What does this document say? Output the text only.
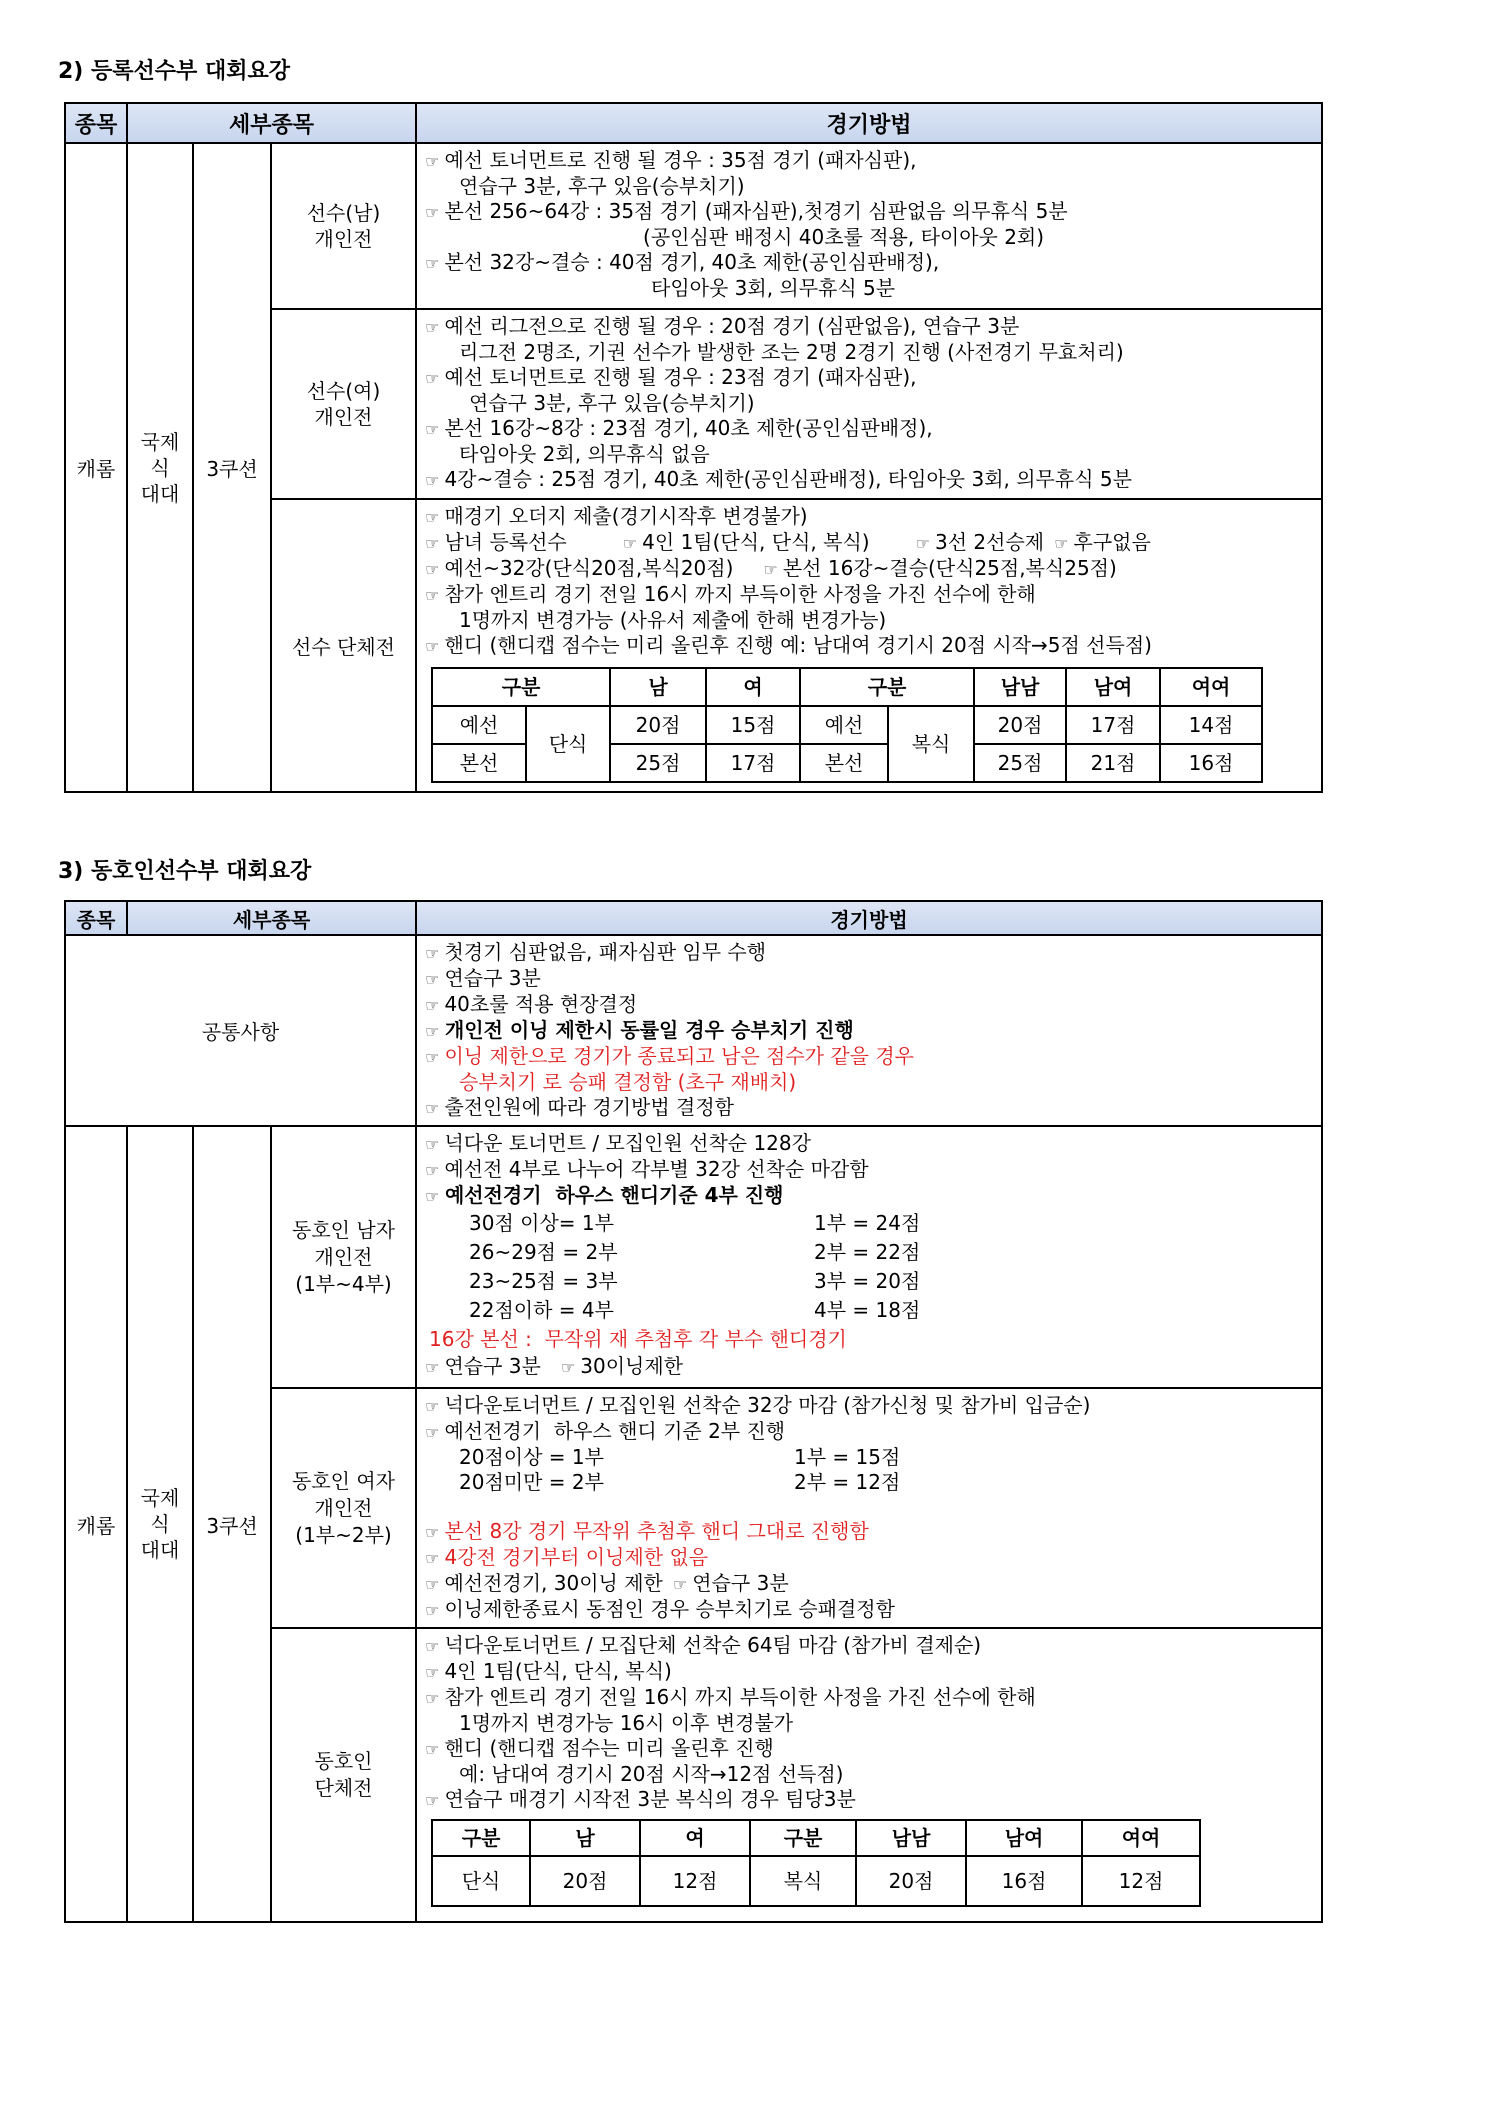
2) 등록선수부 대회요강
종목	세부종목	경기방법
캐롬	국제
식
대대	3쿠션	선수(남)
개인전	
☞ 예선 토너먼트로 진행 될 경우 : 35점 경기 (패자심판),
연습구 3분, 후구 있음(승부치기)
☞ 본선 256~64강 : 35점 경기 (패자심판),첫경기 심판없음 의무휴식 5분
(공인심판 배정시 40초룰 적용, 타이아웃 2회)
☞ 본선 32강~결승 : 40점 경기, 40초 제한(공인심판배정),
타임아웃 3회, 의무휴식 5분

선수(여)
개인전	
☞ 예선 리그전으로 진행 될 경우 : 20점 경기 (심판없음), 연습구 3분
리그전 2명조, 기권 선수가 발생한 조는 2명 2경기 진행 (사전경기 무효처리)
☞ 예선 토너먼트로 진행 될 경우 : 23점 경기 (패자심판),
연습구 3분, 후구 있음(승부치기)
☞ 본선 16강~8강 : 23점 경기, 40초 제한(공인심판배정),
타임아웃 2회, 의무휴식 없음
☞ 4강~결승 : 25점 경기, 40초 제한(공인심판배정), 타임아웃 3회, 의무휴식 5분

선수 단체전	
☞ 매경기 오더지 제출(경기시작후 변경불가)
☞ 남녀 등록선수	☞ 4인 1팀(단식, 단식, 복식)	☞ 3선 2선승제 ☞ 후구없음
☞ 예선~32강(단식20점,복식20점) ☞ 본선 16강~결승(단식25점,복식25점)
☞ 참가 엔트리 경기 전일 16시 까지 부득이한 사정을 가진 선수에 한해
1명까지 변경가능 (사유서 제출에 한해 변경가능)
☞ 핸디 (핸디캡 점수는 미리 올린후 진행 예: 남대여 경기시 20점 시작→5점 선득점)
구분	남	여	구분	남남	남여	여여
예선	단식	20점	15점	예선	복식	20점	17점	14점
본선	25점	17점	본선	25점	21점	16점
3) 동호인선수부 대회요강
종목	세부종목	경기방법
공통사항	
☞ 첫경기 심판없음, 패자심판 임무 수행
☞ 연습구 3분
☞ 40초룰 적용 현장결정
☞ 개인전 이닝 제한시 동률일 경우 승부치기 진행
☞ 이닝 제한으로 경기가 종료되고 남은 점수가 같을 경우
승부치기 로 승패 결정함 (초구 재배치)
☞ 출전인원에 따라 경기방법 결정함

캐롬	국제
식
대대	3쿠션	동호인 남자
개인전
(1부~4부)	
☞ 넉다운 토너먼트 / 모집인원 선착순 128강
☞ 예선전 4부로 나누어 각부별 32강 선착순 마감함
☞ 예선전경기  하우스 핸디기준 4부 진행
30점 이상= 1부	1부 = 24점
26~29점 = 2부	2부 = 22점
23~25점 = 3부	3부 = 20점
22점이하 = 4부	4부 = 18점
16강 본선 :  무작위 재 추첨후 각 부수 핸디경기
☞ 연습구 3분 ☞ 30이닝제한

동호인 여자
개인전
(1부~2부)	
☞ 넉다운토너먼트 / 모집인원 선착순 32강 마감 (참가신청 및 참가비 입금순)
☞ 예선전경기  하우스 핸디 기준 2부 진행
20점이상 = 1부	1부 = 15점
20점미만 = 2부	2부 = 12점
☞ 본선 8강 경기 무작위 추첨후 핸디 그대로 진행함
☞ 4강전 경기부터 이닝제한 없음
☞ 예선전경기, 30이닝 제한 ☞ 연습구 3분
☞ 이닝제한종료시 동점인 경우 승부치기로 승패결정함

동호인
단체전	
☞ 넉다운토너먼트 / 모집단체 선착순 64팀 마감 (참가비 결제순)
☞ 4인 1팀(단식, 단식, 복식)
☞ 참가 엔트리 경기 전일 16시 까지 부득이한 사정을 가진 선수에 한해
1명까지 변경가능 16시 이후 변경불가
☞ 핸디 (핸디캡 점수는 미리 올린후 진행
예: 남대여 경기시 20점 시작→12점 선득점)
☞ 연습구 매경기 시작전 3분 복식의 경우 팀당3분
구분	남	여	구분	남남	남여	여여
단식	20점	12점	복식	20점	16점	12점
